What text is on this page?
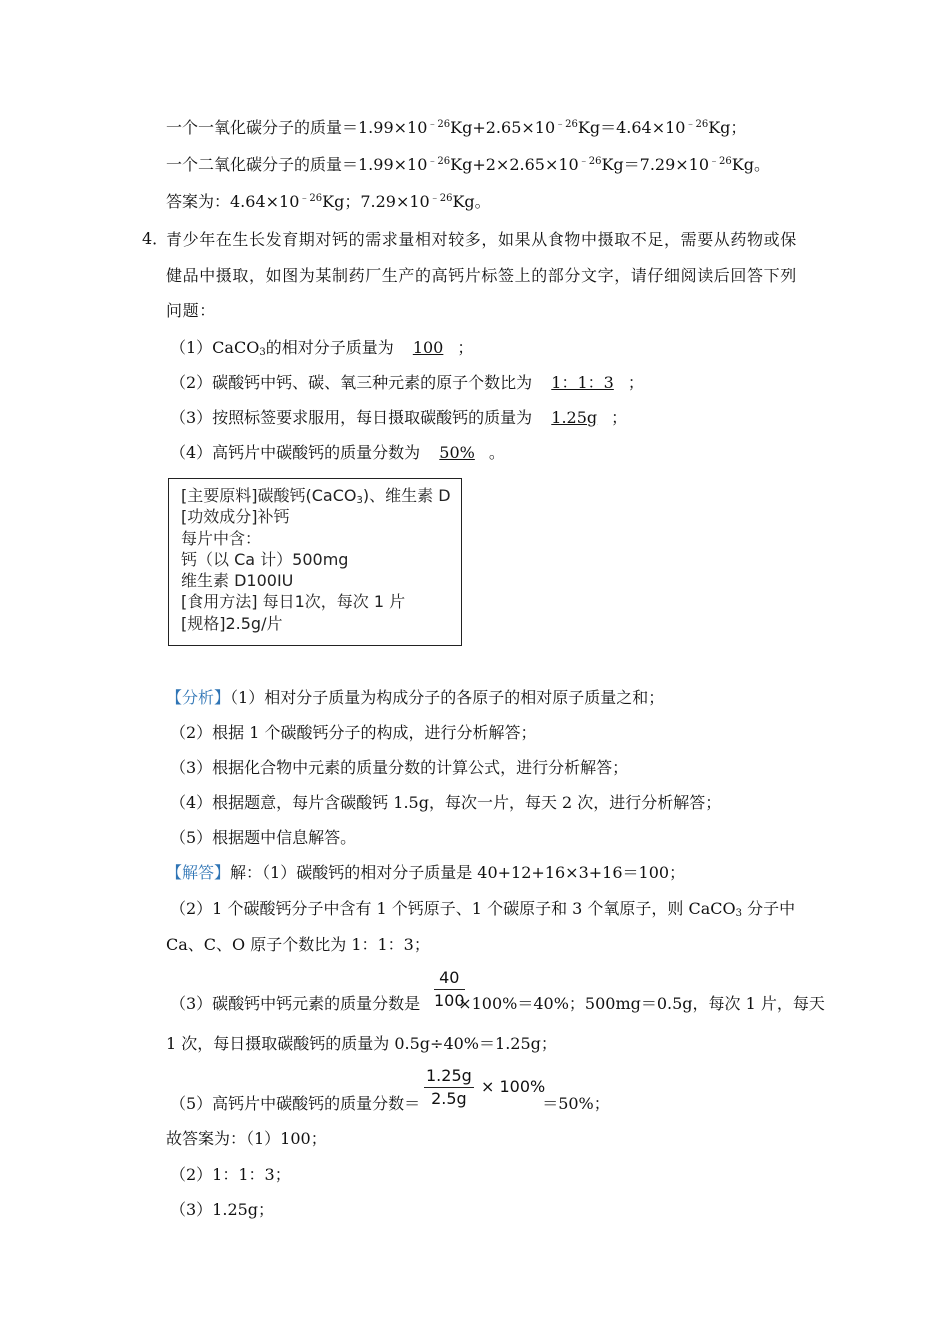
一个一氧化碳分子的质量$=1.99\times 10^{﹣26}Kg+2.65\times 10^{﹣26}Kg=4.64\times 10^{﹣26}Kg$；
一个二氧化碳分子的质量$=1.99\times 10^{﹣26}Kg+2\times 2.65\times 10^{﹣26}Kg=7.29\times 10^{﹣26}Kg$。
答案为：$4.64\times 10^{﹣26}Kg$；$7.29\times 10^{﹣26}Kg$。
4．
青少年在生长发育期对钙的需求量相对较多，如果从食物中摄取不足，需要从药物或保健品中摄取，如图为某制药厂生产的高钙片标签上的部分文字，请仔细阅读后回答下列问题：
（1）CaCO$_3$的相对分子质量为 100 ；
（2）碳酸钙中钙、碳、氧三种元素的原子个数比为 1：1：3 ；
（3）按照标签要求服用，每日摄取碳酸钙的质量为 1.25g ；
（4）高钙片中碳酸钙的质量分数为 50% 。
[主要原料]碳酸钙(CaCO$_3$)、维生素 D
[功效成分]补钙
每片中含：
钙（以 Ca 计）500mg
维生素 D100IU
[食用方法] 每日1次，每次 1 片
[规格]2.5g/片
【分析】（1）相对分子质量为构成分子的各原子的相对原子质量之和；
（2）根据 1 个碳酸钙分子的构成，进行分析解答；
（3）根据化合物中元素的质量分数的计算公式，进行分析解答；
（4）根据题意，每片含碳酸钙 1.5g，每次一片，每天 2 次，进行分析解答；
（5）根据题中信息解答。
【解答】解：（1）碳酸钙的相对分子质量是 40+12+16×3+16＝100；
（2）1 个碳酸钙分子中含有 1 个钙原子、1 个碳原子和 3 个氧原子，则 CaCO$_3$ 分子中
Ca、C、O 原子个数比为 1：1：3；
$\frac{40}{100}$
（3）碳酸钙中钙元素的质量分数是 ×100%＝40%；500mg＝0.5g，每次 1 片，每天
1 次，每日摄取碳酸钙的质量为 0.5g÷40%＝1.25g；
$\frac{1.25g}{2.5g} \times 100\%$
（5）高钙片中碳酸钙的质量分数＝	＝50%；
故答案为：（1）100；
（2）1：1：3；
（3）1.25g；
